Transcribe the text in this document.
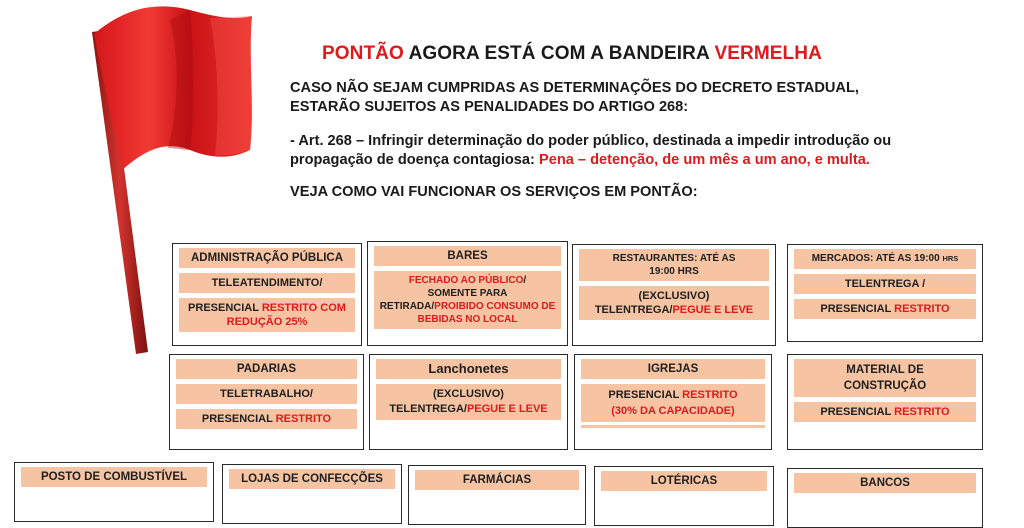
PONTÃO AGORA ESTÁ COM A BANDEIRA VERMELHA

CASO NÃO SEJAM CUMPRIDAS AS DETERMINAÇÕES DO DECRETO ESTADUAL,
ESTARÃO SUJEITOS AS PENALIDADES DO ARTIGO 268:

- Art. 268 – Infringir determinação do poder público, destinada a impedir introdução ou
propagação de doença contagiosa: Pena – detenção, de um mês a um ano, e multa.

VEJA COMO VAI FUNCIONAR OS SERVIÇOS EM PONTÃO:

ADMINISTRAÇÃO PÚBLICA
TELEATENDIMENTO/
PRESENCIAL RESTRITO COM REDUÇÃO 25%
BARES
FECHADO AO PÚBLICO/
SOMENTE PARA
RETIRADA/PROIBIDO CONSUMO DE BEBIDAS NO LOCAL
RESTAURANTES: ATÉ AS
19:00 HRS
(EXCLUSIVO)
TELENTREGA/PEGUE E LEVE
MERCADOS: ATÉ AS 19:00 HRS
TELENTREGA /
PRESENCIAL RESTRITO
PADARIAS
TELETRABALHO/
PRESENCIAL RESTRITO
Lanchonetes
(EXCLUSIVO)
TELENTREGA/PEGUE E LEVE
IGREJAS
PRESENCIAL RESTRITO
(30% DA CAPACIDADE)
MATERIAL DE
CONSTRUÇÃO
PRESENCIAL RESTRITO
POSTO DE COMBUSTÍVEL	LOJAS DE CONFECÇÕES	FARMÁCIAS	LOTÉRICAS	BANCOS
